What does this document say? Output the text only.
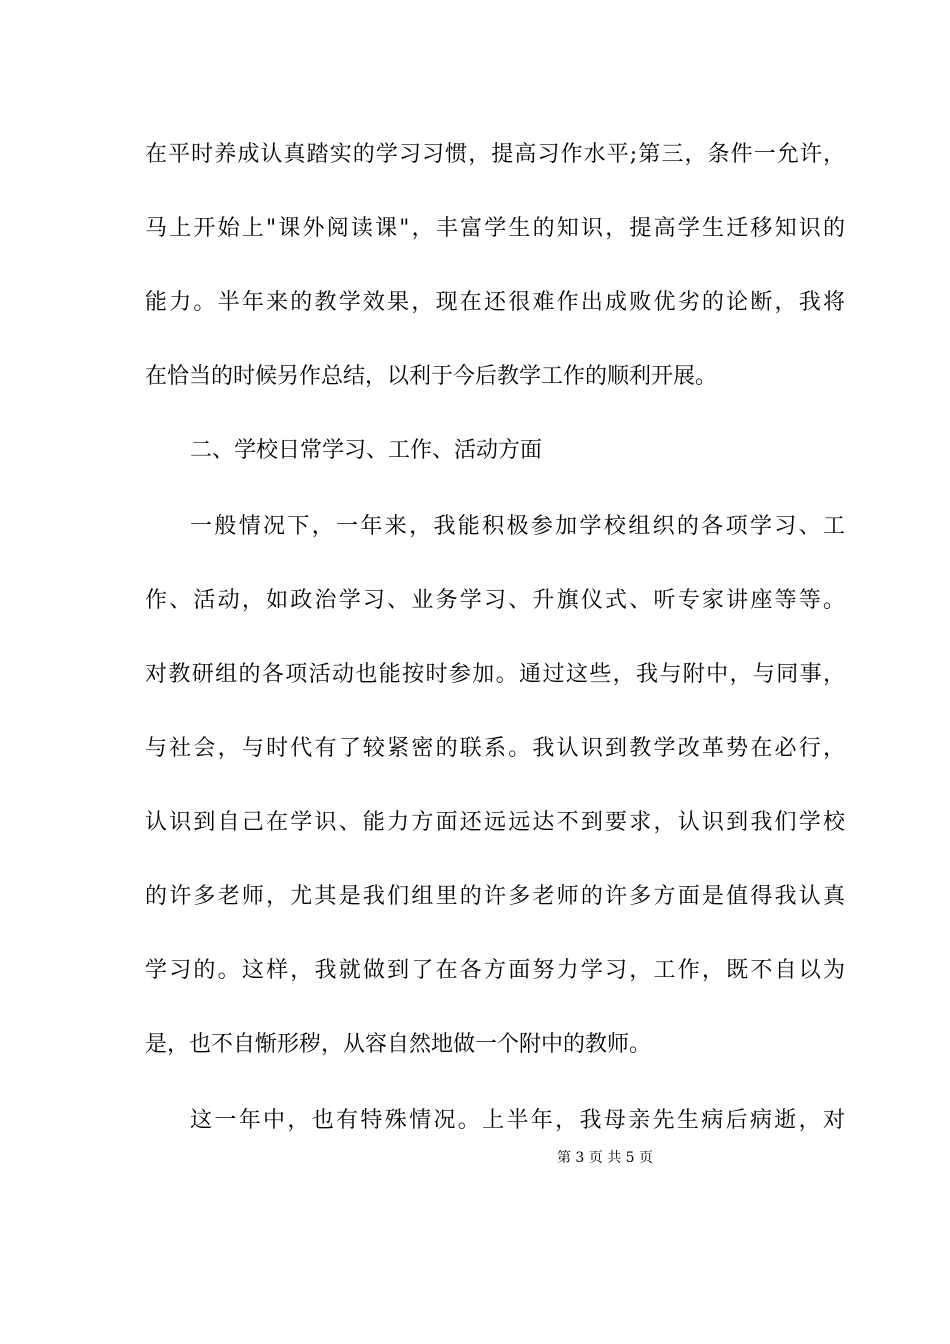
在平时养成认真踏实的学习习惯，提高习作水平;第三，条件一允许，
马上开始上"课外阅读课"，丰富学生的知识，提高学生迁移知识的
能力。半年来的教学效果，现在还很难作出成败优劣的论断，我将
在恰当的时候另作总结，以利于今后教学工作的顺利开展。
二、学校日常学习、工作、活动方面
一般情况下，一年来，我能积极参加学校组织的各项学习、工
作、活动，如政治学习、业务学习、升旗仪式、听专家讲座等等。
对教研组的各项活动也能按时参加。通过这些，我与附中，与同事，
与社会，与时代有了较紧密的联系。我认识到教学改革势在必行，
认识到自己在学识、能力方面还远远达不到要求，认识到我们学校
的许多老师，尤其是我们组里的许多老师的许多方面是值得我认真
学习的。这样，我就做到了在各方面努力学习，工作，既不自以为
是，也不自惭形秽，从容自然地做一个附中的教师。
这一年中，也有特殊情况。上半年，我母亲先生病后病逝，对
第 3 页 共 5 页
